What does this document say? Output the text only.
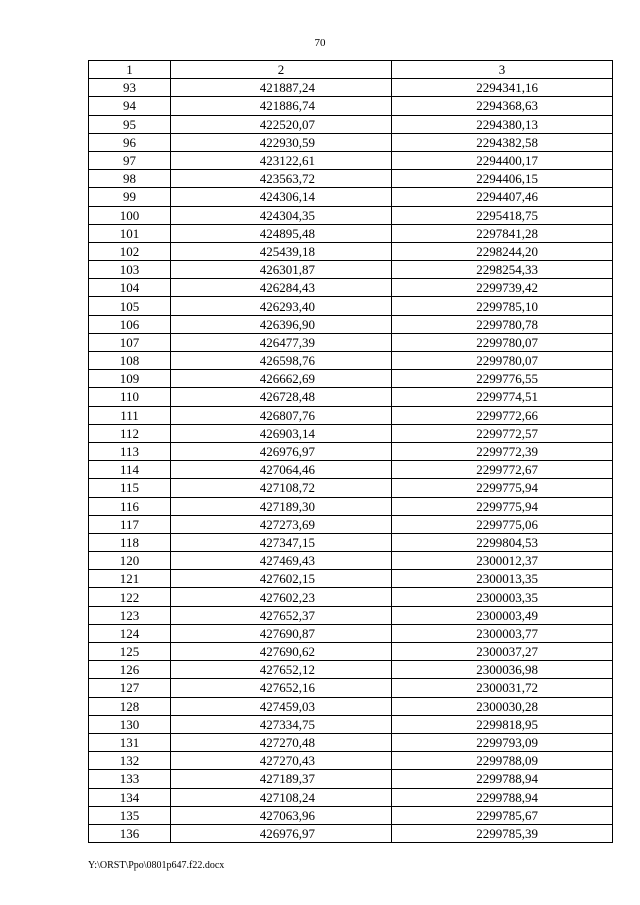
70
1	2	3
93	421887,24	2294341,16
94	421886,74	2294368,63
95	422520,07	2294380,13
96	422930,59	2294382,58
97	423122,61	2294400,17
98	423563,72	2294406,15
99	424306,14	2294407,46
100	424304,35	2295418,75
101	424895,48	2297841,28
102	425439,18	2298244,20
103	426301,87	2298254,33
104	426284,43	2299739,42
105	426293,40	2299785,10
106	426396,90	2299780,78
107	426477,39	2299780,07
108	426598,76	2299780,07
109	426662,69	2299776,55
110	426728,48	2299774,51
111	426807,76	2299772,66
112	426903,14	2299772,57
113	426976,97	2299772,39
114	427064,46	2299772,67
115	427108,72	2299775,94
116	427189,30	2299775,94
117	427273,69	2299775,06
118	427347,15	2299804,53
120	427469,43	2300012,37
121	427602,15	2300013,35
122	427602,23	2300003,35
123	427652,37	2300003,49
124	427690,87	2300003,77
125	427690,62	2300037,27
126	427652,12	2300036,98
127	427652,16	2300031,72
128	427459,03	2300030,28
130	427334,75	2299818,95
131	427270,48	2299793,09
132	427270,43	2299788,09
133	427189,37	2299788,94
134	427108,24	2299788,94
135	427063,96	2299785,67
136	426976,97	2299785,39
Y:\ORST\Ppo\0801p647.f22.docx
